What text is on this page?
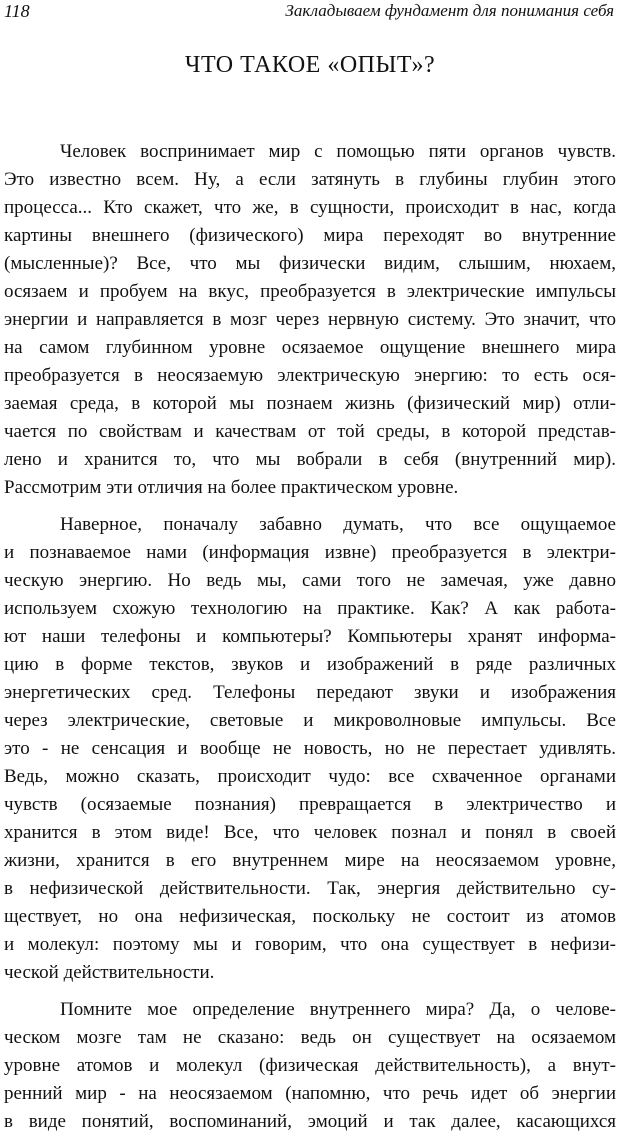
118	Закладываем фундамент для понимания себя
ЧТО ТАКОЕ «ОПЫТ»?
Человек воспринимает мир с помощью пяти органов чувств.
Это известно всем. Ну, а если затянуть в глубины глубин этого
процесса... Кто скажет, что же, в сущности, происходит в нас, когда
картины внешнего (физического) мира переходят во внутренние
(мысленные)? Все, что мы физически видим, слышим, нюхаем,
осязаем и пробуем на вкус, преобразуется в электрические импульсы
энергии и направляется в мозг через нервную систему. Это значит, что
на самом глубинном уровне осязаемое ощущение внешнего мира
преобразуется в неосязаемую электрическую энергию: то есть ося-
заемая среда, в которой мы познаем жизнь (физический мир) отли-
чается по свойствам и качествам от той среды, в которой представ-
лено и хранится то, что мы вобрали в себя (внутренний мир).
Рассмотрим эти отличия на более практическом уровне.
Наверное, поначалу забавно думать, что все ощущаемое
и познаваемое нами (информация извне) преобразуется в электри-
ческую энергию. Но ведь мы, сами того не замечая, уже давно
используем схожую технологию на практике. Как? А как работа-
ют наши телефоны и компьютеры? Компьютеры хранят информа-
цию в форме текстов, звуков и изображений в ряде различных
энергетических сред. Телефоны передают звуки и изображения
через электрические, световые и микроволновые импульсы. Все
это - не сенсация и вообще не новость, но не перестает удивлять.
Ведь, можно сказать, происходит чудо: все схваченное органами
чувств (осязаемые познания) превращается в электричество и
хранится в этом виде! Все, что человек познал и понял в своей
жизни, хранится в его внутреннем мире на неосязаемом уровне,
в нефизической действительности. Так, энергия действительно су-
ществует, но она нефизическая, поскольку не состоит из атомов
и молекул: поэтому мы и говорим, что она существует в нефизи-
ческой действительности.
Помните мое определение внутреннего мира? Да, о челове-
ческом мозге там не сказано: ведь он существует на осязаемом
уровне атомов и молекул (физическая действительность), а внут-
ренний мир - на неосязаемом (напомню, что речь идет об энергии
в виде понятий, воспоминаний, эмоций и так далее, касающихся
